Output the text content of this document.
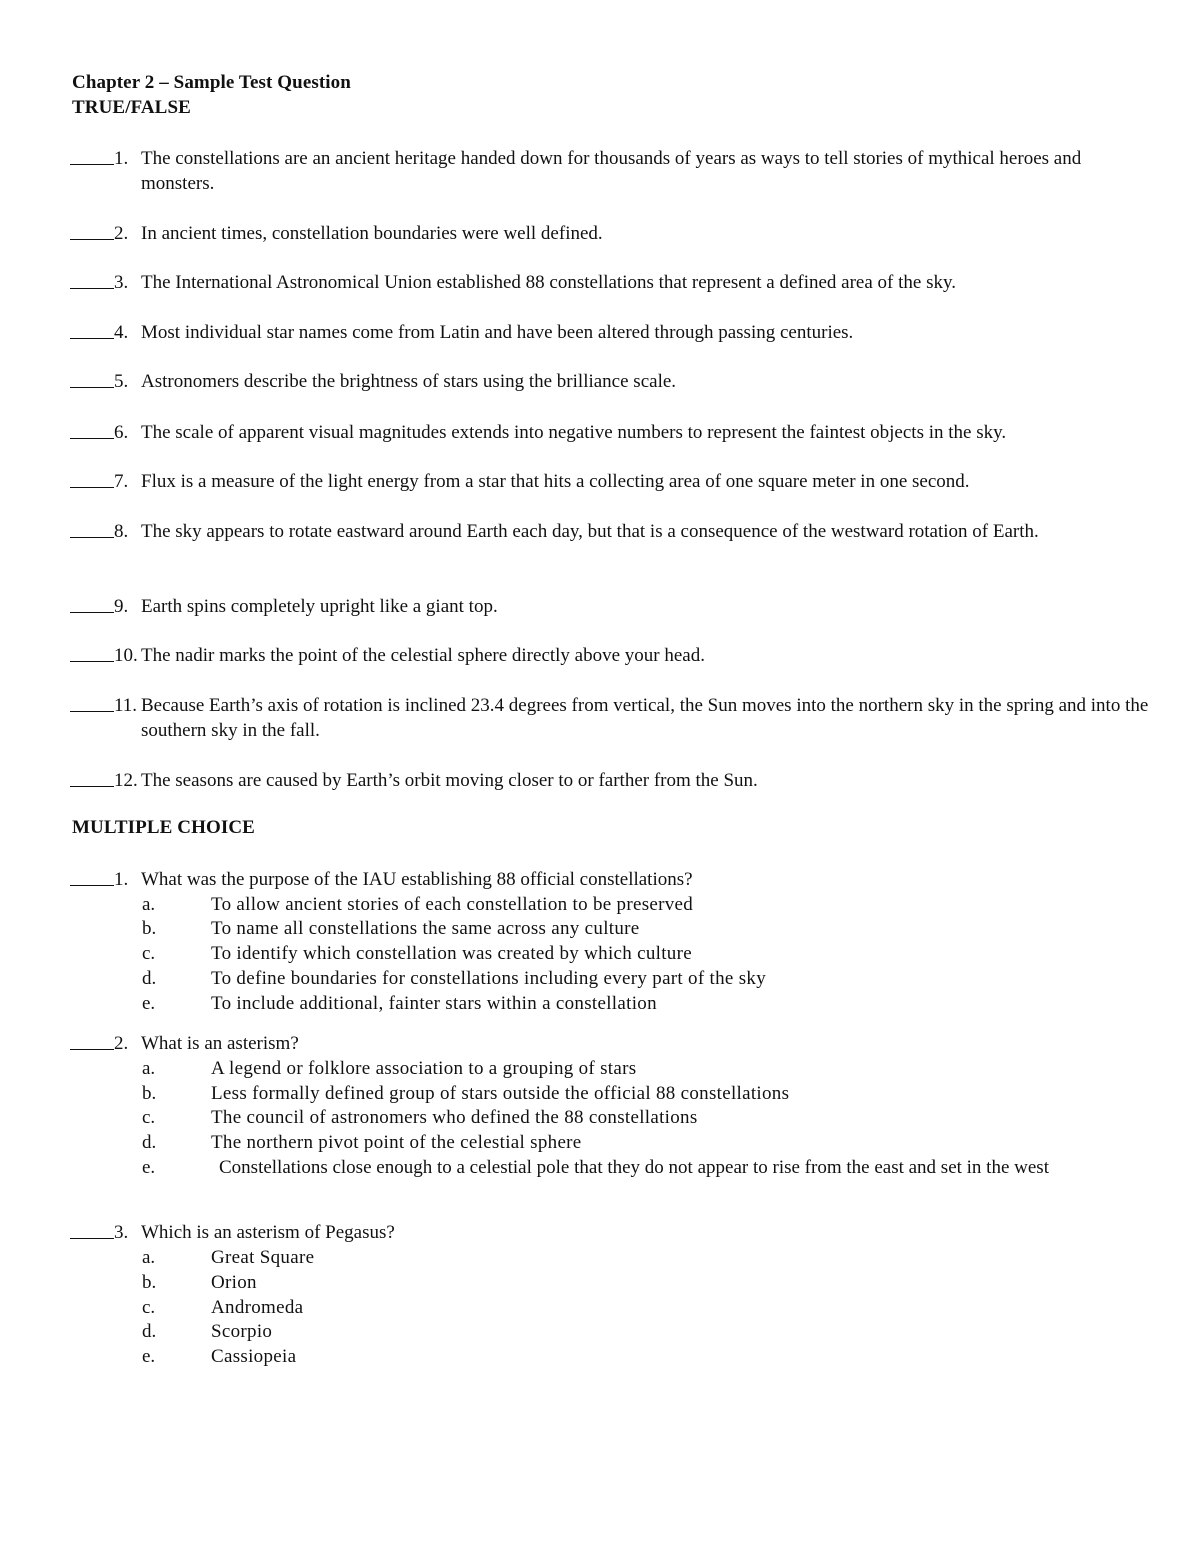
Chapter 2 – Sample Test Question
TRUE/FALSE
1. The constellations are an ancient heritage handed down for thousands of years as ways to tell stories of mythical heroes and monsters.
2. In ancient times, constellation boundaries were well defined.
3. The International Astronomical Union established 88 constellations that represent a defined area of the sky.
4. Most individual star names come from Latin and have been altered through passing centuries.
5. Astronomers describe the brightness of stars using the brilliance scale.
6. The scale of apparent visual magnitudes extends into negative numbers to represent the faintest objects in the sky.
7. Flux is a measure of the light energy from a star that hits a collecting area of one square meter in one second.
8. The sky appears to rotate eastward around Earth each day, but that is a consequence of the westward rotation of Earth.
9. Earth spins completely upright like a giant top.
10. The nadir marks the point of the celestial sphere directly above your head.
11. Because Earth’s axis of rotation is inclined 23.4 degrees from vertical, the Sun moves into the northern sky in the spring and into the southern sky in the fall.
12. The seasons are caused by Earth’s orbit moving closer to or farther from the Sun.
MULTIPLE CHOICE
1. What was the purpose of the IAU establishing 88 official constellations?
a.	To allow ancient stories of each constellation to be preserved
b.	To name all constellations the same across any culture
c.	To identify which constellation was created by which culture
d.	To define boundaries for constellations including every part of the sky
e.	To include additional, fainter stars within a constellation
2. What is an asterism?
a.	A legend or folklore association to a grouping of stars
b.	Less formally defined group of stars outside the official 88 constellations
c.	The council of astronomers who defined the 88 constellations
d.	The northern pivot point of the celestial sphere
e.	Constellations close enough to a celestial pole that they do not appear to rise from the east and set in the west
3. Which is an asterism of Pegasus?
a.	Great Square
b.	Orion
c.	Andromeda
d.	Scorpio
e.	Cassiopeia
